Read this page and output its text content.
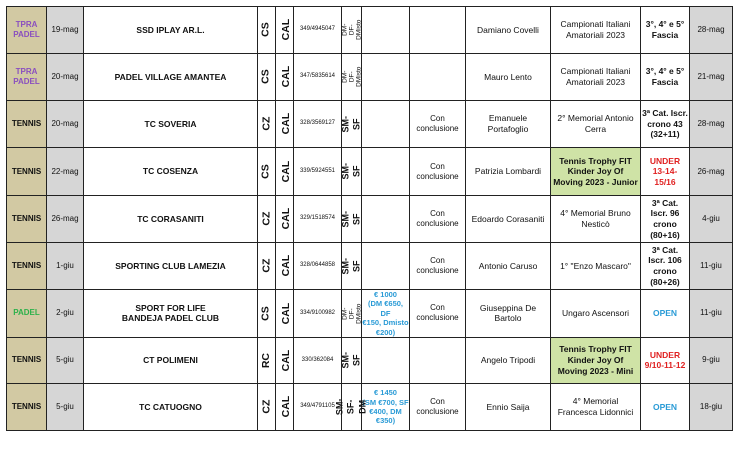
TPRA
PADEL	19-mag	SSD IPLAY AR.L.	CS	CAL	349/4945047	DM-DF-
DMisto			Damiano Covelli	Campionati Italiani
Amatoriali 2023	3°, 4° e 5°
Fascia	28-mag
TPRA
PADEL	20-mag	PADEL VILLAGE AMANTEA	CS	CAL	347/5835614	DM- DF-
DMisto			Mauro Lento	Campionati Italiani
Amatoriali 2023	3°, 4° e 5°
Fascia	21-mag
TENNIS	20-mag	TC SOVERIA	CZ	CAL	328/3569127	SM-SF		Con
conclusione	Emanuele
Portafoglio	2° Memorial Antonio
Cerra	3ª Cat. Iscr.
crono 43
(32+11)	28-mag
TENNIS	22-mag	TC COSENZA	CS	CAL	339/5924551	SM-SF		Con
conclusione	Patrizia Lombardi	Tennis Trophy FIT
Kinder Joy Of
Moving 2023 - Junior	UNDER
13-14-
15/16	26-mag
TENNIS	26-mag	TC CORASANITI	CZ	CAL	329/1518574	SM-SF		Con
conclusione	Edoardo Corasaniti	4° Memorial Bruno
Nesticò	3ª Cat.
Iscr. 96
crono
(80+16)	4-giu
TENNIS	1-giu	SPORTING CLUB LAMEZIA	CZ	CAL	328/0644858	SM-SF		Con
conclusione	Antonio Caruso	1° "Enzo Mascaro"	3ª Cat.
Iscr. 106
crono
(80+26)	11-giu
PADEL	2-giu	SPORT FOR LIFE
BANDEJA PADEL CLUB	CS	CAL	334/9100982	DM- DF-
DMisto	€ 1000
(DM €650, DF
€150, Dmisto
€200)	Con
conclusione	Giuseppina De
Bartolo	Ungaro Ascensori	OPEN	11-giu
TENNIS	5-giu	CT POLIMENI	RC	CAL	330/362084	SM-SF			Angelo Tripodi	Tennis Trophy FIT
Kinder Joy Of
Moving 2023 - Mini	UNDER
9/10-11-12	9-giu
TENNIS	5-giu	TC CATUOGNO	CZ	CAL	349/4791105	SM-SF-DM	€ 1450
(SM €700, SF
€400, DM
€350)	Con
conclusione	Ennio Saija	4° Memorial
Francesca Lidonnici	OPEN	18-giu
